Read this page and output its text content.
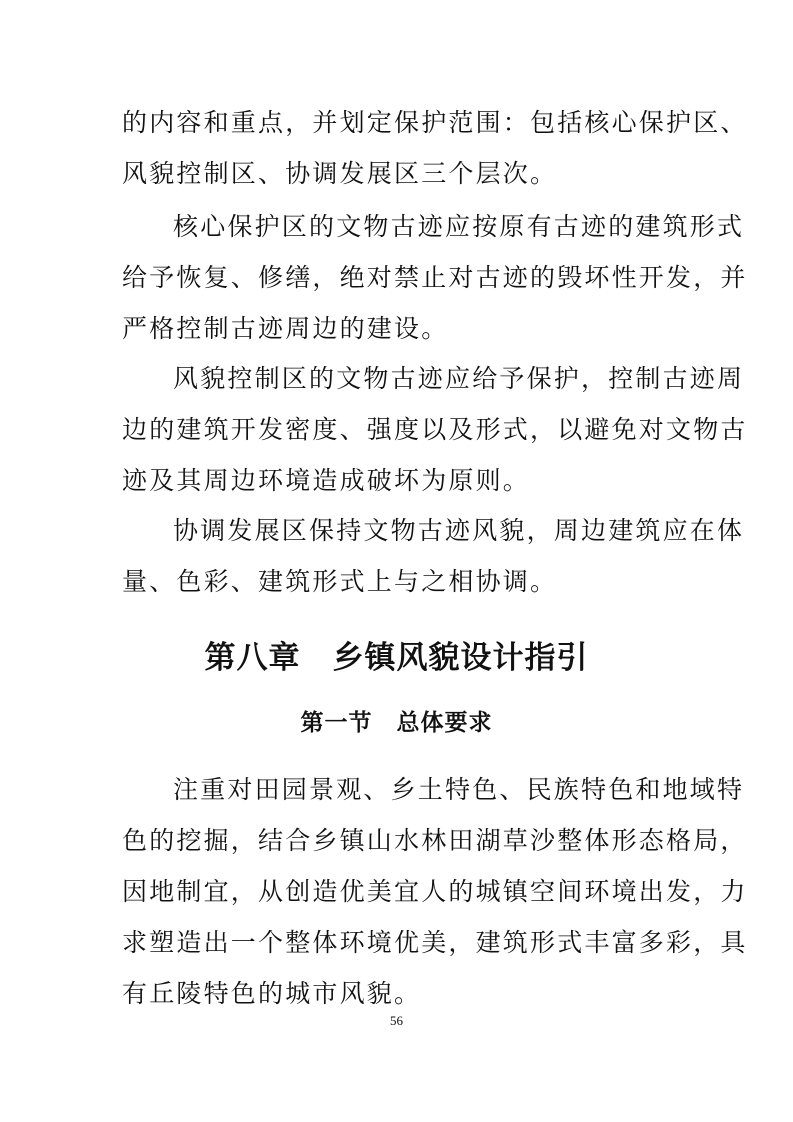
的内容和重点，并划定保护范围：包括核心保护区、
风貌控制区、协调发展区三个层次。
核心保护区的文物古迹应按原有古迹的建筑形式
给予恢复、修缮，绝对禁止对古迹的毁坏性开发，并
严格控制古迹周边的建设。
风貌控制区的文物古迹应给予保护，控制古迹周
边的建筑开发密度、强度以及形式，以避免对文物古
迹及其周边环境造成破坏为原则。
协调发展区保持文物古迹风貌，周边建筑应在体
量、色彩、建筑形式上与之相协调。
第八章　乡镇风貌设计指引
第一节　总体要求
注重对田园景观、乡土特色、民族特色和地域特
色的挖掘，结合乡镇山水林田湖草沙整体形态格局，
因地制宜，从创造优美宜人的城镇空间环境出发，力
求塑造出一个整体环境优美，建筑形式丰富多彩，具
有丘陵特色的城市风貌。
56
